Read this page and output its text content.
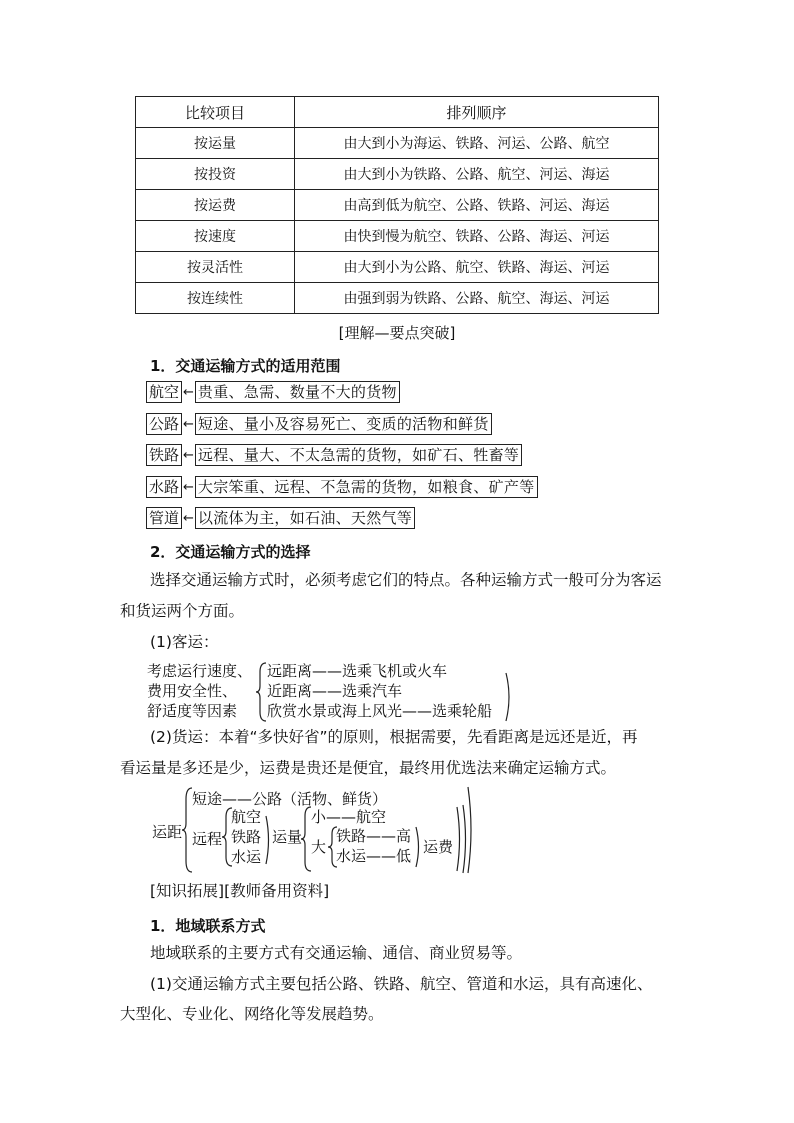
比较项目	排列顺序
按运量	由大到小为海运、铁路、河运、公路、航空
按投资	由大到小为铁路、公路、航空、河运、海运
按运费	由高到低为航空、公路、铁路、河运、海运
按速度	由快到慢为航空、铁路、公路、海运、河运
按灵活性	由大到小为公路、航空、铁路、海运、河运
按连续性	由强到弱为铁路、公路、航空、海运、河运
[理解—要点突破]
1．交通运输方式的适用范围
航空 ← 贵重、急需、数量不大的货物
公路 ← 短途、量小及容易死亡、变质的活物和鲜货
铁路 ← 远程、量大、不太急需的货物，如矿石、牲畜等
水路 ← 大宗笨重、远程、不急需的货物，如粮食、矿产等
管道 ← 以流体为主，如石油、天然气等
2．交通运输方式的选择
选择交通运输方式时，必须考虑它们的特点。各种运输方式一般可分为客运
和货运两个方面。
(1)客运：
考虑运行速度、
费用安全性、
舒适度等因素
远距离——选乘飞机或火车
近距离——选乘汽车
欣赏水景或海上风光——选乘轮船
(2)货运：本着“多快好省”的原则，根据需要，先看距离是远还是近，再
看运量是多还是少，运费是贵还是便宜，最终用优选法来确定运输方式。
运距
短途——公路（活物、鲜货）
远程
航空
铁路
水运
运量
小——航空
大
铁路——高
水运——低 运费
[知识拓展][教师备用资料]
1．地域联系方式
地域联系的主要方式有交通运输、通信、商业贸易等。
(1)交通运输方式主要包括公路、铁路、航空、管道和水运，具有高速化、
大型化、专业化、网络化等发展趋势。
